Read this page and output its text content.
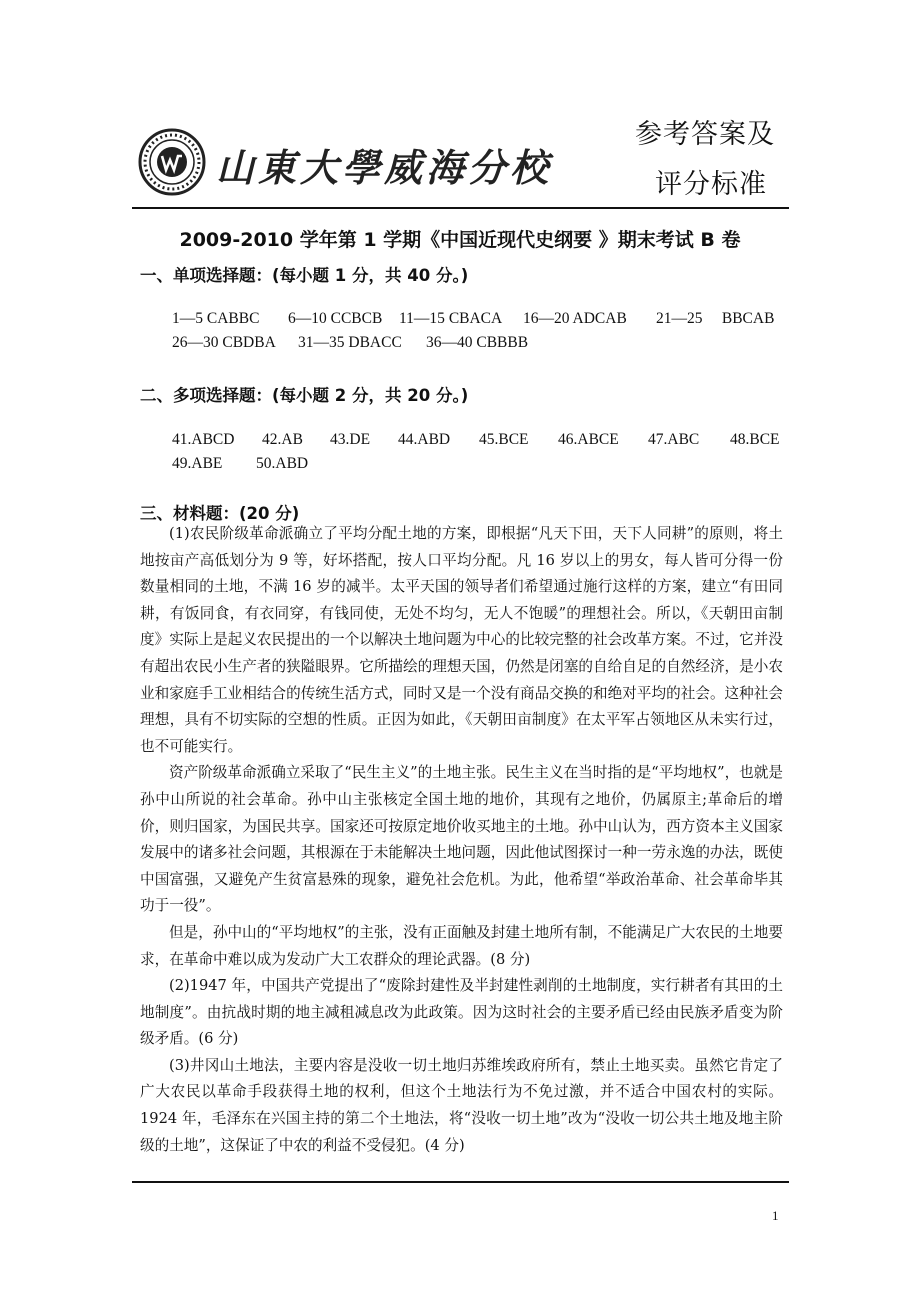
山東大學威海分校
参考答案及
评分标准
2009-2010 学年第 1 学期《中国近现代史纲要 》期末考试 B 卷
一、单项选择题：(每小题 1 分，共 40 分。)
1—5 CABBC 6—10 CCBCB 11—15 CBACA 16—20 ADCAB 21—25 BBCAB
26—30 CBDBA 31—35 DBACC 36—40 CBBBB
二、多项选择题：(每小题 2 分，共 20 分。)
41.ABCD 42.AB 43.DE 44.ABD 45.BCE 46.ABCE 47.ABC 48.BCE
49.ABE 50.ABD
三、材料题：(20 分)

(1)农民阶级革命派确立了平均分配土地的方案，即根据“凡天下田，天下人同耕”的原则，将土地按亩产高低划分为 9 等，好坏搭配，按人口平均分配。凡 16 岁以上的男女，每人皆可分得一份数量相同的土地，不满 16 岁的减半。太平天国的领导者们希望通过施行这样的方案，建立“有田同耕，有饭同食，有衣同穿，有钱同使，无处不均匀，无人不饱暖”的理想社会。所以，《天朝田亩制度》实际上是起义农民提出的一个以解决土地问题为中心的比较完整的社会改革方案。不过，它并没有超出农民小生产者的狭隘眼界。它所描绘的理想天国，仍然是闭塞的自给自足的自然经济，是小农业和家庭手工业相结合的传统生活方式，同时又是一个没有商品交换的和绝对平均的社会。这种社会理想，具有不切实际的空想的性质。正因为如此，《天朝田亩制度》在太平军占领地区从未实行过，也不可能实行。

资产阶级革命派确立采取了“民生主义”的土地主张。民生主义在当时指的是“平均地权”，也就是孙中山所说的社会革命。孙中山主张核定全国土地的地价，其现有之地价，仍属原主;革命后的增价，则归国家，为国民共享。国家还可按原定地价收买地主的土地。孙中山认为，西方资本主义国家发展中的诸多社会问题，其根源在于未能解决土地问题，因此他试图探讨一种一劳永逸的办法，既使中国富强，又避免产生贫富悬殊的现象，避免社会危机。为此，他希望“举政治革命、社会革命毕其功于一役”。

但是，孙中山的“平均地权”的主张，没有正面触及封建土地所有制，不能满足广大农民的土地要求，在革命中难以成为发动广大工农群众的理论武器。(8 分)

(2)1947 年，中国共产党提出了“废除封建性及半封建性剥削的土地制度，实行耕者有其田的土地制度”。由抗战时期的地主减租减息改为此政策。因为这时社会的主要矛盾已经由民族矛盾变为阶级矛盾。(6 分)

(3)井冈山土地法，主要内容是没收一切土地归苏维埃政府所有，禁止土地买卖。虽然它肯定了广大农民以革命手段获得土地的权利，但这个土地法行为不免过激，并不适合中国农村的实际。1924 年，毛泽东在兴国主持的第二个土地法，将“没收一切土地”改为“没收一切公共土地及地主阶级的土地”，这保证了中农的利益不受侵犯。(4 分)

1
